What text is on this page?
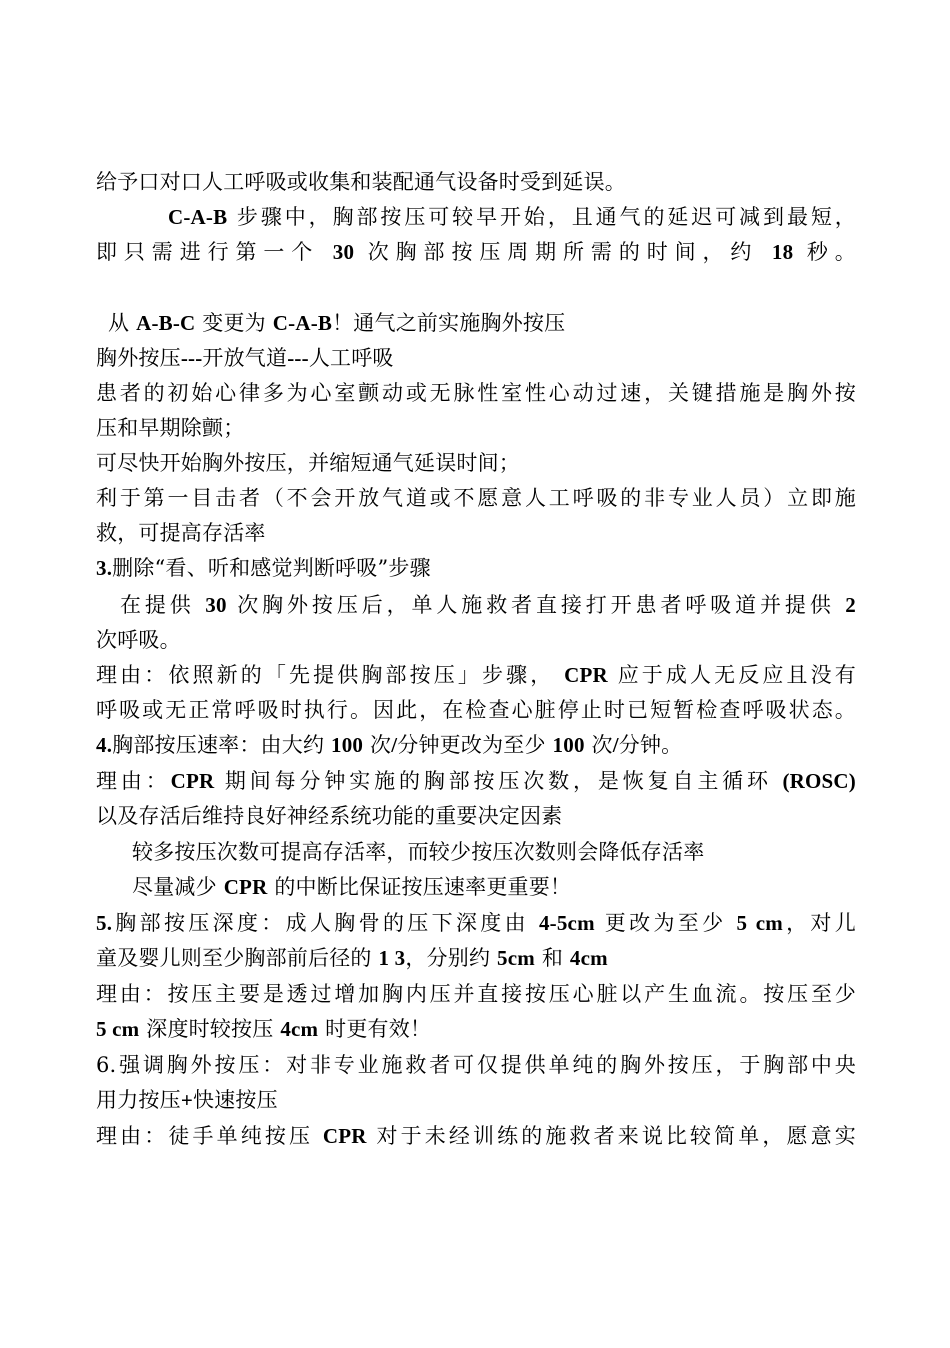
给予口对口人工呼吸或收集和装配通气设备时受到延误。
C-A-B 步骤中，胸部按压可较早开始，且通气的延迟可减到最短，
即只需进行第一个 30 次胸部按压周期所需的时间，约 18 秒。
从 A-B-C 变更为 C-A-B！通气之前实施胸外按压
胸外按压---开放气道---人工呼吸
患者的初始心律多为心室颤动或无脉性室性心动过速，关键措施是胸外按
压和早期除颤；
可尽快开始胸外按压，并缩短通气延误时间；
利于第一目击者（不会开放气道或不愿意人工呼吸的非专业人员）立即施
救，可提高存活率
3.删除“看、听和感觉判断呼吸”步骤
在提供 30 次胸外按压后，单人施救者直接打开患者呼吸道并提供 2
次呼吸。
理由：依照新的「先提供胸部按压」步骤， CPR 应于成人无反应且没有
呼吸或无正常呼吸时执行。因此，在检查心脏停止时已短暂检查呼吸状态。
4.胸部按压速率：由大约 100 次/分钟更改为至少 100 次/分钟。
理由：CPR 期间每分钟实施的胸部按压次数，是恢复自主循环 (ROSC)
以及存活后维持良好神经系统功能的重要决定因素
较多按压次数可提高存活率，而较少按压次数则会降低存活率
尽量减少 CPR 的中断比保证按压速率更重要！
5.胸部按压深度：成人胸骨的压下深度由 4-5cm 更改为至少 5 cm，对儿
童及婴儿则至少胸部前后径的 1 3，分别约 5cm 和 4cm
理由：按压主要是透过增加胸内压并直接按压心脏以产生血流。按压至少
5 cm 深度时较按压 4cm 时更有效！
6.强调胸外按压：对非专业施救者可仅提供单纯的胸外按压，于胸部中央
用力按压+快速按压
理由：徒手单纯按压 CPR 对于未经训练的施救者来说比较简单，愿意实
